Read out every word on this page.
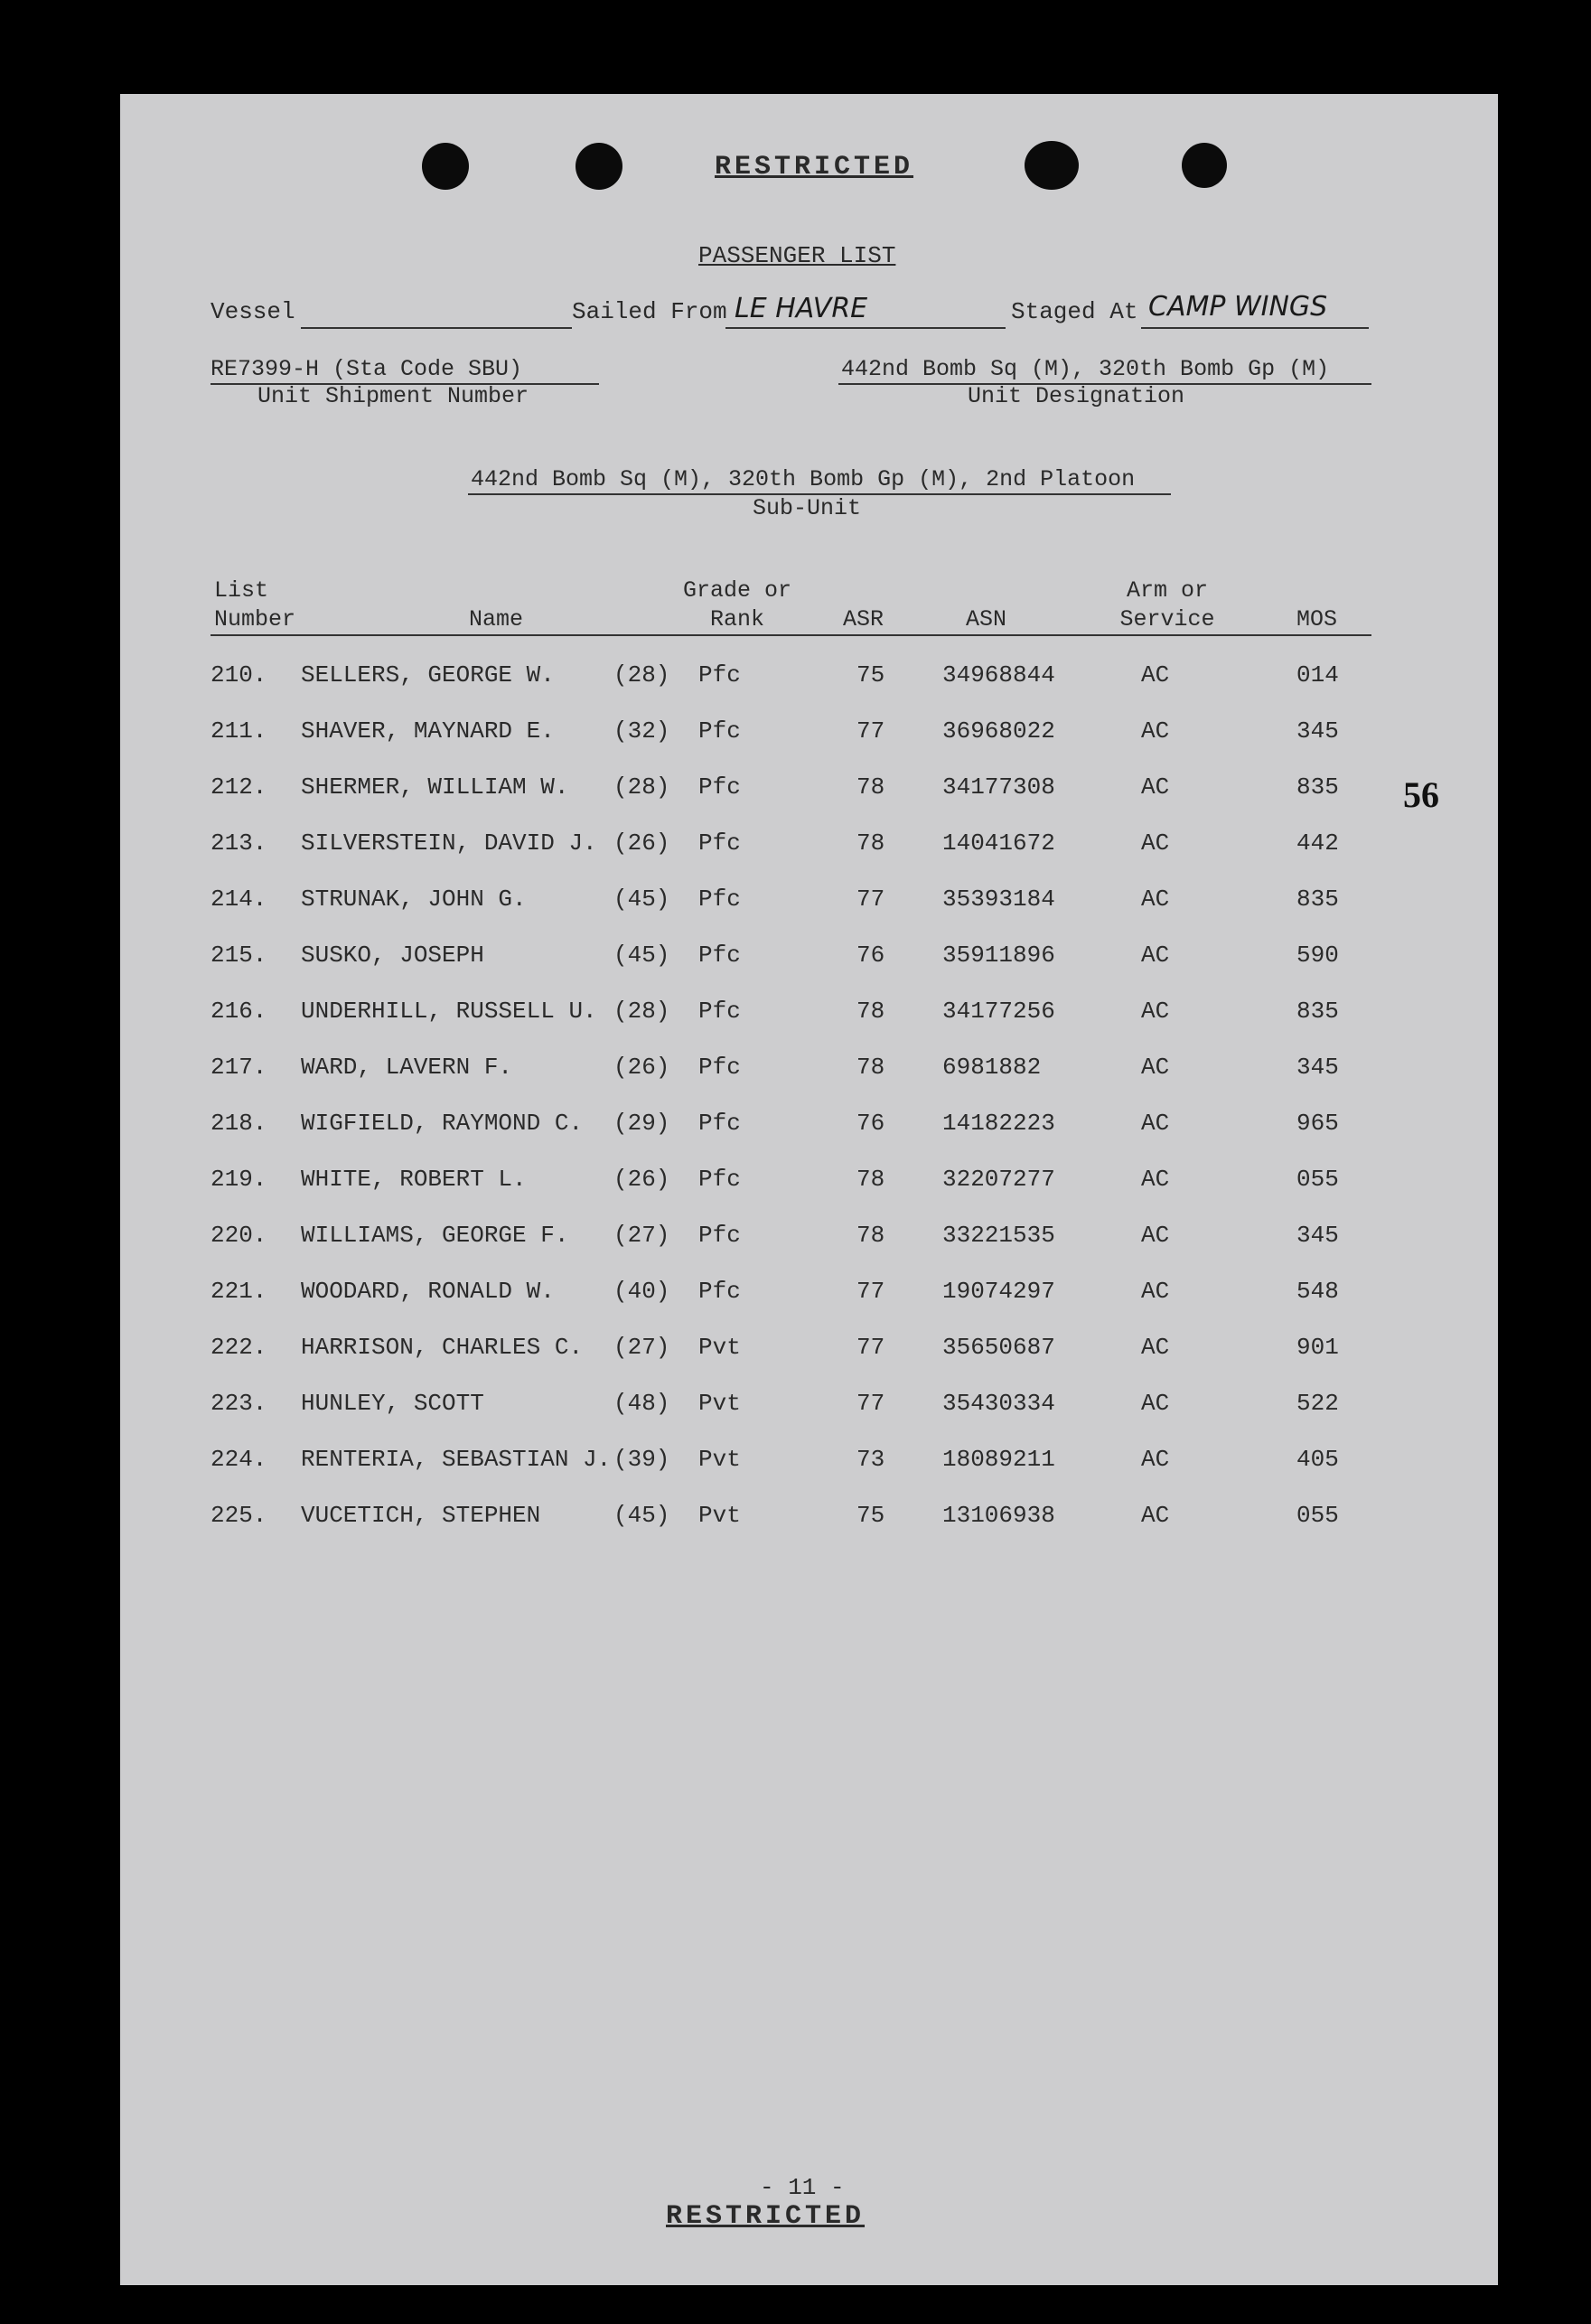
RESTRICTED
PASSENGER LIST
Vessel	Sailed From LE HAVRE	Staged At CAMP WINGS
RE7399-H (Sta Code SBU)
Unit Shipment Number
442nd Bomb Sq (M), 320th Bomb Gp (M)
Unit Designation
442nd Bomb Sq (M), 320th Bomb Gp (M), 2nd Platoon
Sub-Unit
List
Number	Name
Grade or
Rank	ASR	ASN
Arm or
Service	MOS
210. SELLERS, GEORGE W.	(28) Pfc	75 34968844	AC	014
211. SHAVER, MAYNARD E.	(32) Pfc	77 36968022	AC	345
212. SHERMER, WILLIAM W. (28) Pfc	78 34177308	AC	835
213. SILVERSTEIN, DAVID J. (26) Pfc	78 14041672	AC	442
214. STRUNAK, JOHN G.	(45) Pfc	77 35393184	AC	835
215. SUSKO, JOSEPH	(45) Pfc	76 35911896	AC	590
216. UNDERHILL, RUSSELL U. (28) Pfc	78 34177256	AC	835
217. WARD, LAVERN F.	(26) Pfc	78 6981882	AC	345
218. WIGFIELD, RAYMOND C. (29) Pfc	76 14182223	AC	965
219. WHITE, ROBERT L.	(26) Pfc	78 32207277	AC	055
220. WILLIAMS, GEORGE F. (27) Pfc	78 33221535	AC	345
221. WOODARD, RONALD W.	(40) Pfc	77 19074297	AC	548
222. HARRISON, CHARLES C. (27) Pvt	77 35650687	AC	901
223. HUNLEY, SCOTT	(48) Pvt	77 35430334	AC	522
224. RENTERIA, SEBASTIAN J. (39) Pvt	73 18089211	AC	405
225. VUCETICH, STEPHEN	(45) Pvt	75 13106938	AC	055
56
- 11 -
RESTRICTED
